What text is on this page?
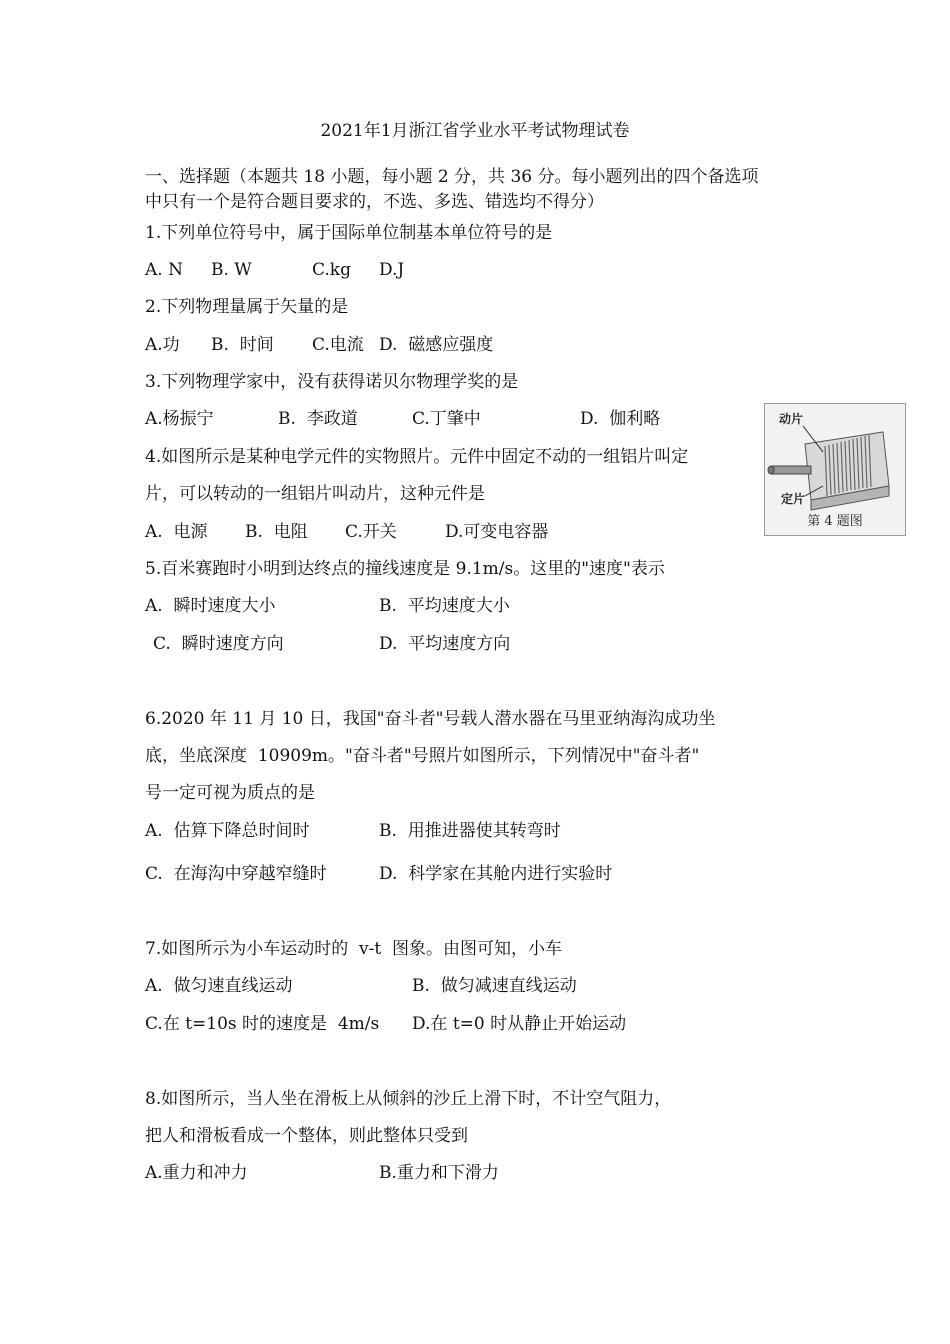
2021年1月浙江省学业水平考试物理试卷
一、选择题（本题共 18 小题，每小题 2 分，共 36 分。每小题列出的四个备选项
中只有一个是符合题目要求的，不选、多选、错选均不得分）
1.下列单位符号中，属于国际单位制基本单位符号的是
A. N B. W	C.kg D.J
2.下列物理量属于矢量的是
A.功 B.  时间 C.电流 D.  磁感应强度
3.下列物理学家中，没有获得诺贝尔物理学奖的是
A.杨振宁	B.  李政道	C.丁肇中	D.  伽利略
4.如图所示是某种电学元件的实物照片。元件中固定不动的一组铝片叫定
片，可以转动的一组铝片叫动片，这种元件是
A.  电源 B.  电阻 C.开关	D.可变电容器
动片
定片
第 4 题图
5.百米赛跑时小明到达终点的撞线速度是 9.1m/s。这里的"速度"表示
A.  瞬时速度大小	B.  平均速度大小
C.  瞬时速度方向	D.  平均速度方向
6.2020 年 11 月 10 日，我国"奋斗者"号载人潜水器在马里亚纳海沟成功坐
底，坐底深度  10909m。"奋斗者"号照片如图所示，下列情况中"奋斗者"
号一定可视为质点的是
A.  估算下降总时间时	B.  用推进器使其转弯时
C.  在海沟中穿越窄缝时	D.  科学家在其舱内进行实验时
7.如图所示为小车运动时的  v-t  图象。由图可知，小车
A.  做匀速直线运动	B.  做匀减速直线运动
C.在 t=10s 时的速度是  4m/s D.在 t=0 时从静止开始运动
8.如图所示，当人坐在滑板上从倾斜的沙丘上滑下时，不计空气阻力，
把人和滑板看成一个整体，则此整体只受到
A.重力和冲力	B.重力和下滑力
